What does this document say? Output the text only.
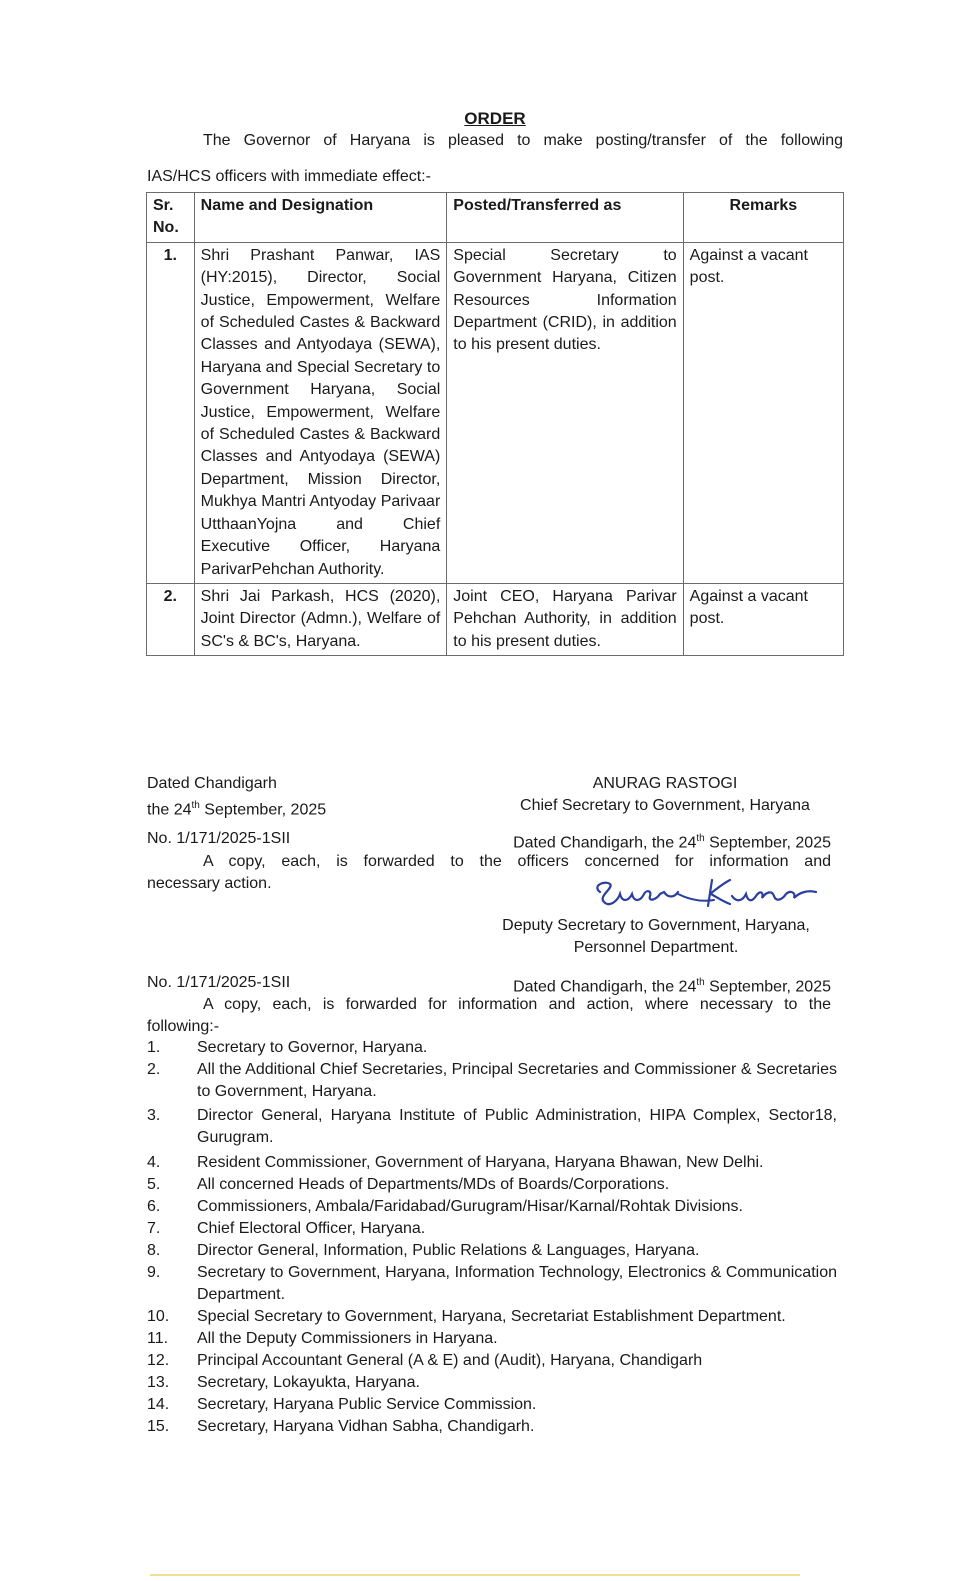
ORDER
The Governor of Haryana is pleased to make posting/transfer of the following
IAS/HCS officers with immediate effect:-
Sr. No.	Name and Designation	Posted/Transferred as	Remarks
1.	Shri Prashant Panwar, IAS (HY:2015), Director, Social Justice, Empowerment, Welfare of Scheduled Castes & Backward Classes and Antyodaya (SEWA), Haryana and Special Secretary to Government Haryana, Social Justice, Empowerment, Welfare of Scheduled Castes & Backward Classes and Antyodaya (SEWA) Department, Mission Director, Mukhya Mantri Antyoday Parivaar UtthaanYojna and Chief Executive Officer, Haryana ParivarPehchan Authority.	Special Secretary to Government Haryana, Citizen Resources Information Department (CRID), in addition to his present duties.	Against a vacant post.
2.	Shri Jai Parkash, HCS (2020), Joint Director (Admn.), Welfare of SC's & BC's, Haryana.	Joint CEO, Haryana Parivar Pehchan Authority, in addition to his present duties.	Against a vacant post.
Dated Chandigarh
the 24th September, 2025
ANURAG RASTOGI
Chief Secretary to Government, Haryana
No. 1/171/2025-1SII	Dated Chandigarh, the 24th September, 2025
A copy, each, is forwarded to the officers concerned for information and
necessary action.
Deputy Secretary to Government, Haryana,
Personnel Department.
No. 1/171/2025-1SII	Dated Chandigarh, the 24th September, 2025
A copy, each, is forwarded for information and action, where necessary to the
following:-
1. Secretary to Governor, Haryana.
2. All the Additional Chief Secretaries, Principal Secretaries and Commissioner & Secretaries to Government, Haryana.
3. Director General, Haryana Institute of Public Administration, HIPA Complex, Sector18, Gurugram.
4. Resident Commissioner, Government of Haryana, Haryana Bhawan, New Delhi.
5. All concerned Heads of Departments/MDs of Boards/Corporations.
6. Commissioners, Ambala/Faridabad/Gurugram/Hisar/Karnal/Rohtak Divisions.
7. Chief Electoral Officer, Haryana.
8. Director General, Information, Public Relations & Languages, Haryana.
9. Secretary to Government, Haryana, Information Technology, Electronics & Communication Department.
10. Special Secretary to Government, Haryana, Secretariat Establishment Department.
11. All the Deputy Commissioners in Haryana.
12. Principal Accountant General (A & E) and (Audit), Haryana, Chandigarh
13. Secretary, Lokayukta, Haryana.
14. Secretary, Haryana Public Service Commission.
15. Secretary, Haryana Vidhan Sabha, Chandigarh.
